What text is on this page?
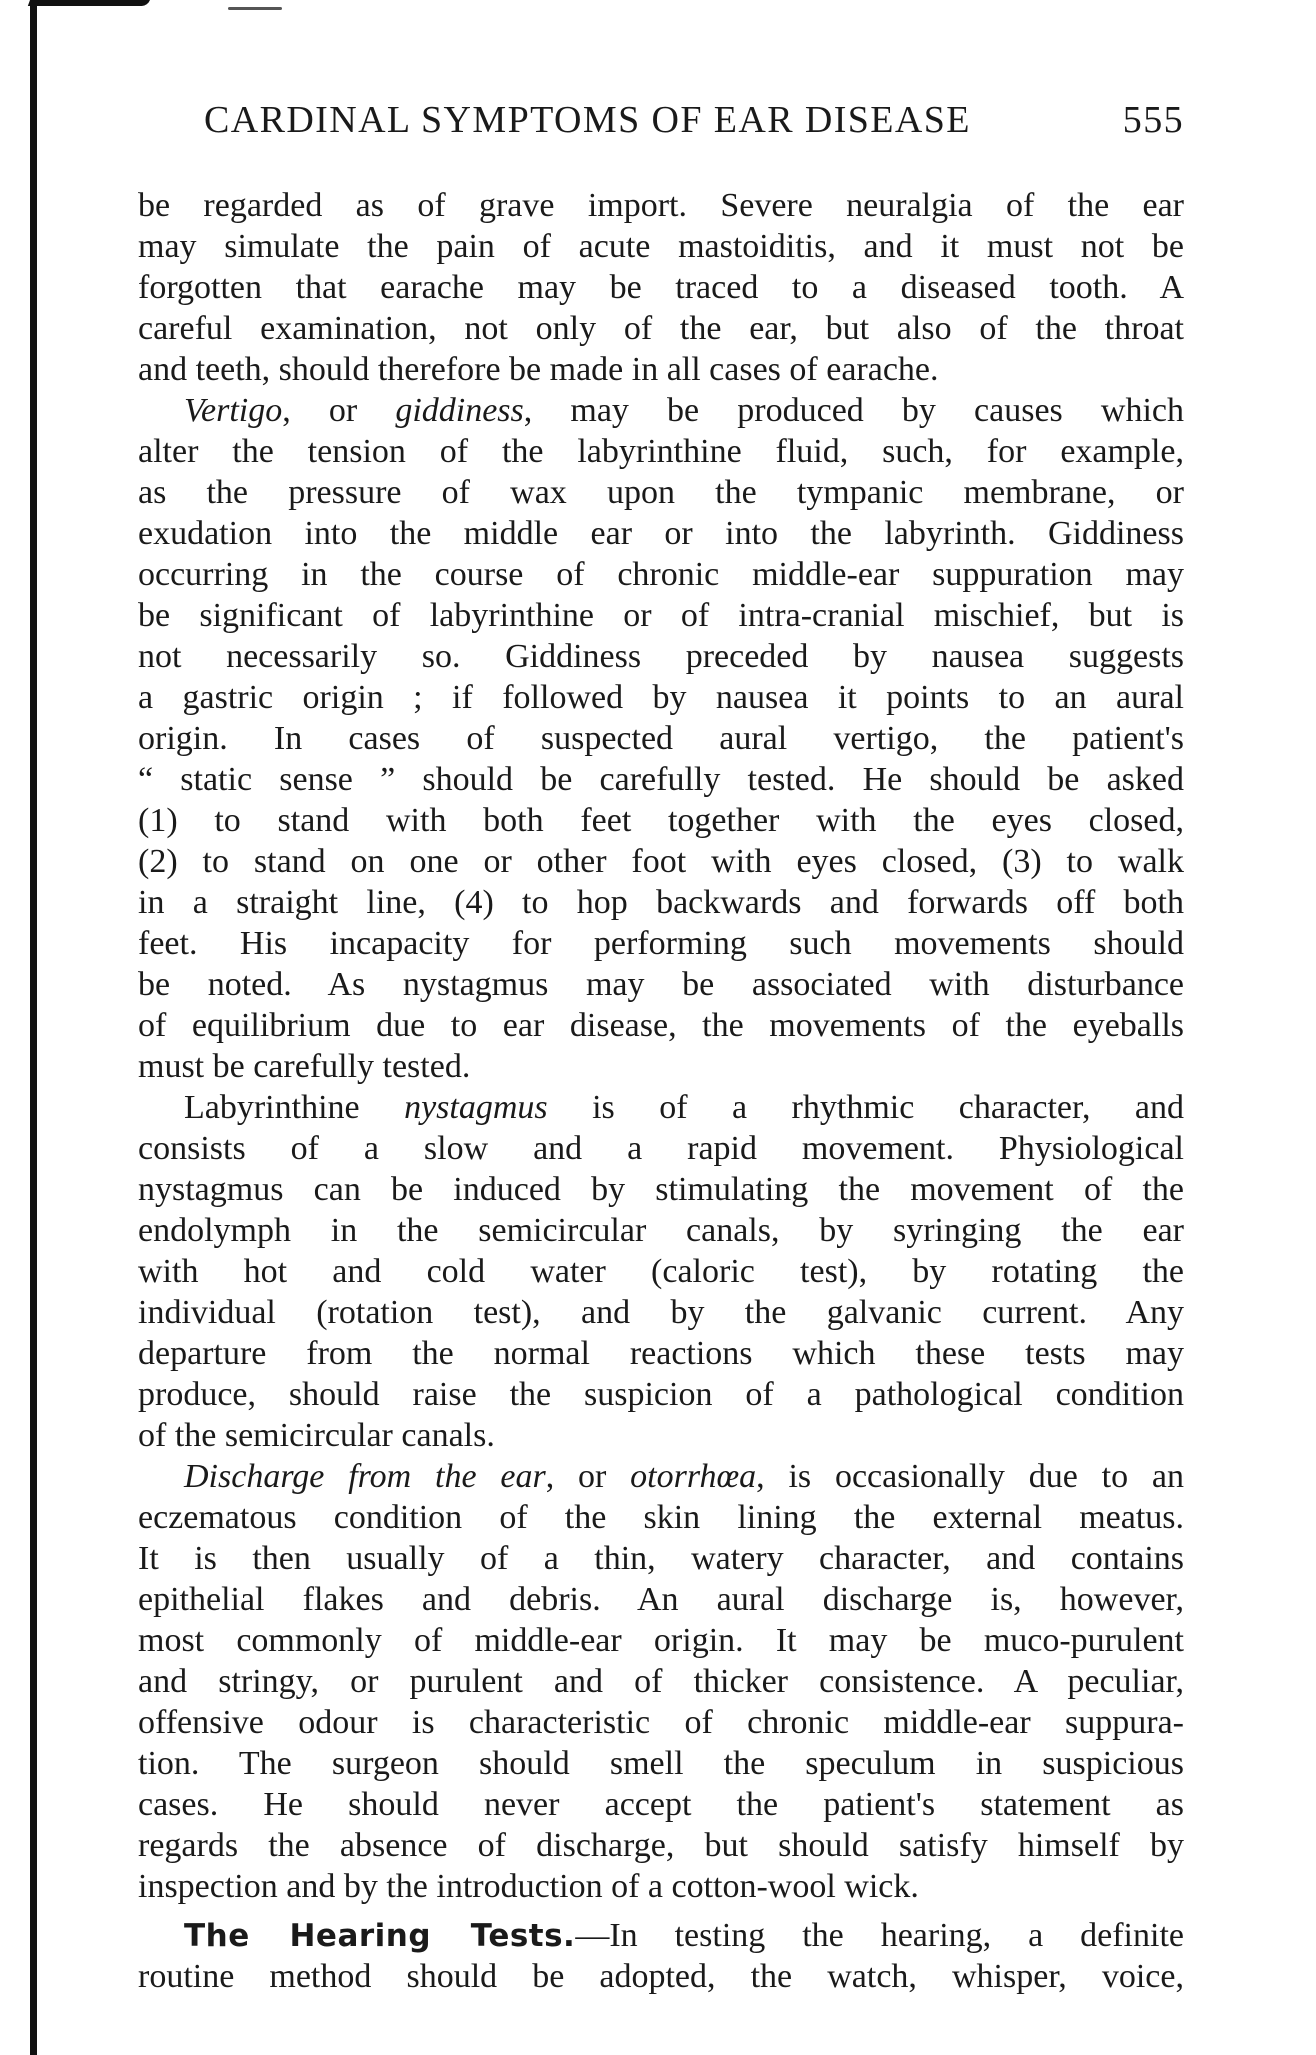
CARDINAL SYMPTOMS OF EAR DISEASE	555
be regarded as of grave import. Severe neuralgia of the ear
may simulate the pain of acute mastoiditis, and it must not be
forgotten that earache may be traced to a diseased tooth. A
careful examination, not only of the ear, but also of the throat
and teeth, should therefore be made in all cases of earache.
Vertigo, or giddiness, may be produced by causes which
alter the tension of the labyrinthine fluid, such, for example,
as the pressure of wax upon the tympanic membrane, or
exudation into the middle ear or into the labyrinth. Giddiness
occurring in the course of chronic middle-ear suppuration may
be significant of labyrinthine or of intra-cranial mischief, but is
not necessarily so. Giddiness preceded by nausea suggests
a gastric origin ; if followed by nausea it points to an aural
origin. In cases of suspected aural vertigo, the patient's
“ static sense ” should be carefully tested. He should be asked
(1) to stand with both feet together with the eyes closed,
(2) to stand on one or other foot with eyes closed, (3) to walk
in a straight line, (4) to hop backwards and forwards off both
feet. His incapacity for performing such movements should
be noted. As nystagmus may be associated with disturbance
of equilibrium due to ear disease, the movements of the eyeballs
must be carefully tested.
Labyrinthine nystagmus is of a rhythmic character, and
consists of a slow and a rapid movement. Physiological
nystagmus can be induced by stimulating the movement of the
endolymph in the semicircular canals, by syringing the ear
with hot and cold water (caloric test), by rotating the
individual (rotation test), and by the galvanic current. Any
departure from the normal reactions which these tests may
produce, should raise the suspicion of a pathological condition
of the semicircular canals.
Discharge from the ear, or otorrhœa, is occasionally due to an
eczematous condition of the skin lining the external meatus.
It is then usually of a thin, watery character, and contains
epithelial flakes and debris. An aural discharge is, however,
most commonly of middle-ear origin. It may be muco-purulent
and stringy, or purulent and of thicker consistence. A peculiar,
offensive odour is characteristic of chronic middle-ear suppura-
tion. The surgeon should smell the speculum in suspicious
cases. He should never accept the patient's statement as
regards the absence of discharge, but should satisfy himself by
inspection and by the introduction of a cotton-wool wick.
The Hearing Tests.—In testing the hearing, a definite
routine method should be adopted, the watch, whisper, voice,
